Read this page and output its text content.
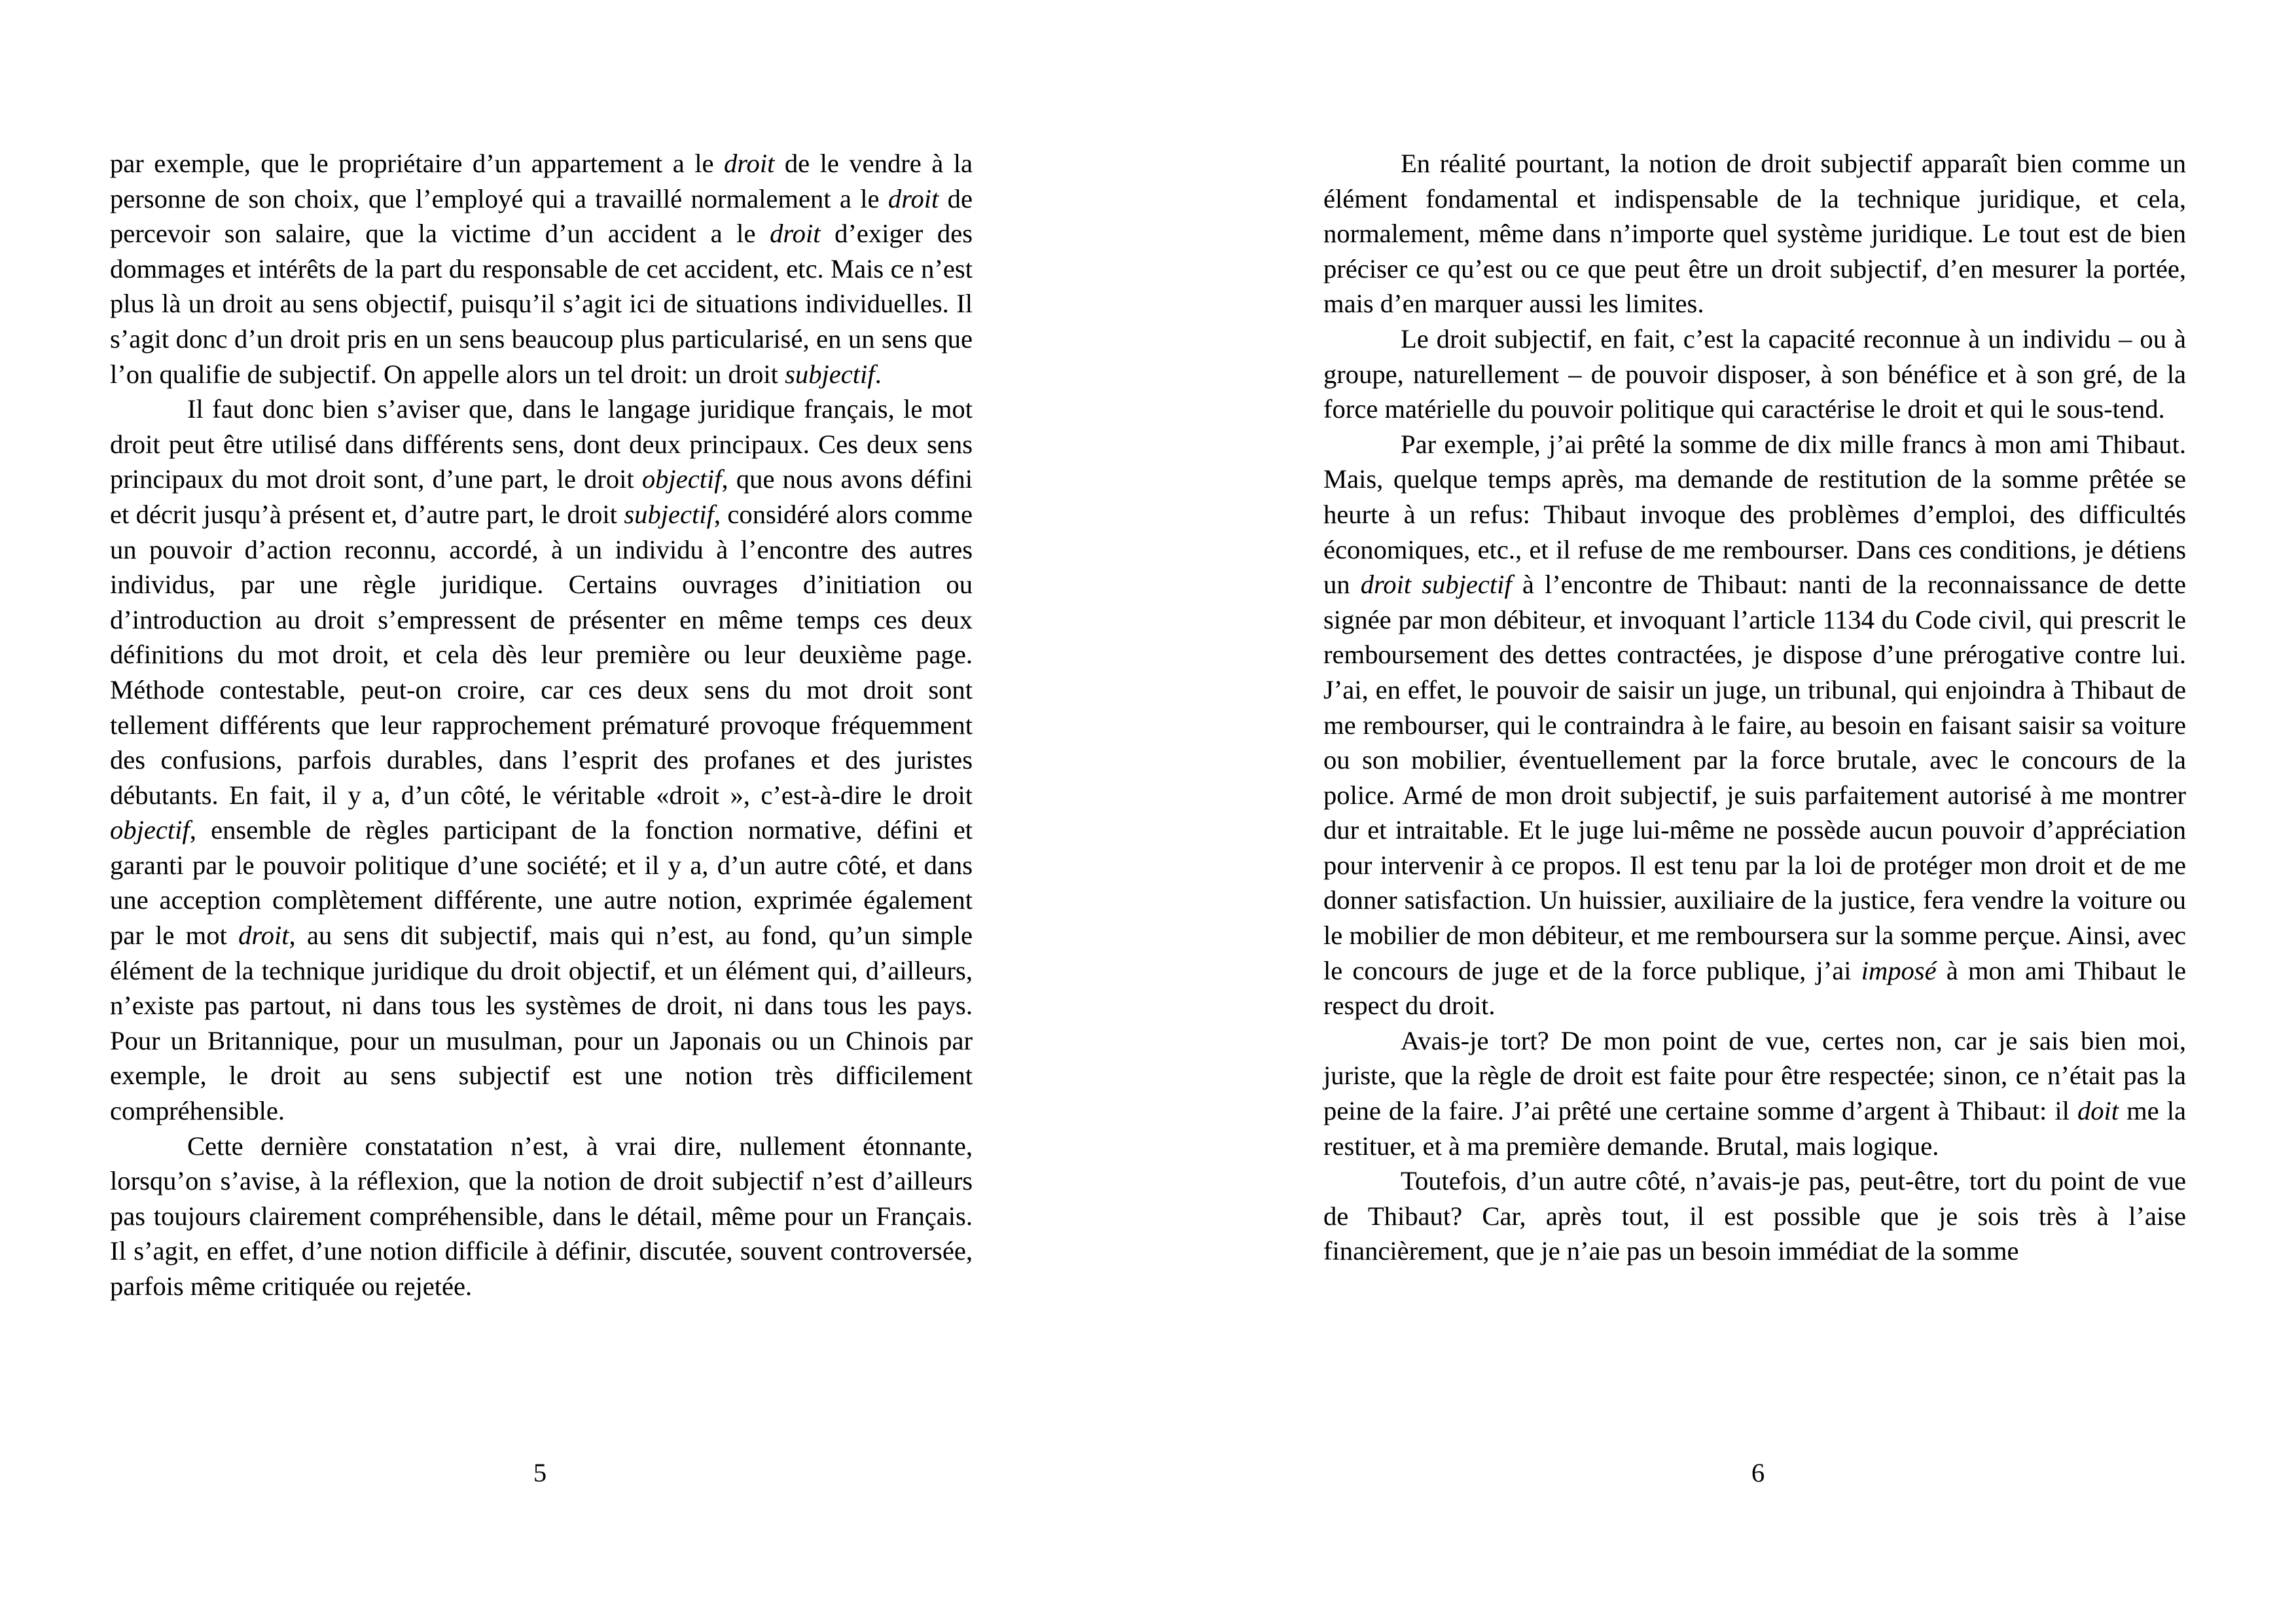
par exemple, que le propriétaire d’un appartement a le droit de le vendre à la personne de son choix, que l’employé qui a travaillé normalement a le droit de percevoir son salaire, que la victime d’un accident a le droit d’exiger des dommages et intérêts de la part du responsable de cet accident, etc. Mais ce n’est plus là un droit au sens objectif, puisqu’il s’agit ici de situations individuelles. Il s’agit donc d’un droit pris en un sens beaucoup plus particularisé, en un sens que l’on qualifie de subjectif. On appelle alors un tel droit: un droit subjectif.

Il faut donc bien s’aviser que, dans le langage juridique français, le mot droit peut être utilisé dans différents sens, dont deux principaux. Ces deux sens principaux du mot droit sont, d’une part, le droit objectif, que nous avons défini et décrit jusqu’à présent et, d’autre part, le droit subjectif, considéré alors comme un pouvoir d’action reconnu, accordé, à un individu à l’encontre des autres individus, par une règle juridique. Certains ouvrages d’initiation ou d’introduction au droit s’empressent de présenter en même temps ces deux définitions du mot droit, et cela dès leur première ou leur deuxième page. Méthode contestable, peut-on croire, car ces deux sens du mot droit sont tellement différents que leur rapprochement prématuré provoque fréquemment des confusions, parfois durables, dans l’esprit des profanes et des juristes débutants. En fait, il y a, d’un côté, le véritable «droit », c’est-à-dire le droit objectif, ensemble de règles participant de la fonction normative, défini et garanti par le pouvoir politique d’une société; et il y a, d’un autre côté, et dans une acception complètement différente, une autre notion, exprimée également par le mot droit, au sens dit subjectif, mais qui n’est, au fond, qu’un simple élément de la technique juridique du droit objectif, et un élément qui, d’ailleurs, n’existe pas partout, ni dans tous les systèmes de droit, ni dans tous les pays. Pour un Britannique, pour un musulman, pour un Japonais ou un Chinois par exemple, le droit au sens subjectif est une notion très difficilement compréhensible.

Cette dernière constatation n’est, à vrai dire, nullement étonnante, lorsqu’on s’avise, à la réflexion, que la notion de droit subjectif n’est d’ailleurs pas toujours clairement compréhensible, dans le détail, même pour un Français. Il s’agit, en effet, d’une notion difficile à définir, discutée, souvent controversée, parfois même critiquée ou rejetée.

En réalité pourtant, la notion de droit subjectif apparaît bien comme un élément fondamental et indispensable de la technique juridique, et cela, normalement, même dans n’importe quel système juridique. Le tout est de bien préciser ce qu’est ou ce que peut être un droit subjectif, d’en mesurer la portée, mais d’en marquer aussi les limites.

Le droit subjectif, en fait, c’est la capacité reconnue à un individu – ou à groupe, naturellement – de pouvoir disposer, à son bénéfice et à son gré, de la force matérielle du pouvoir politique qui caractérise le droit et qui le sous-tend.

Par exemple, j’ai prêté la somme de dix mille francs à mon ami Thibaut. Mais, quelque temps après, ma demande de restitution de la somme prêtée se heurte à un refus: Thibaut invoque des problèmes d’emploi, des difficultés économiques, etc., et il refuse de me rembourser. Dans ces conditions, je détiens un droit subjectif à l’encontre de Thibaut: nanti de la reconnaissance de dette signée par mon débiteur, et invoquant l’article 1134 du Code civil, qui prescrit le remboursement des dettes contractées, je dispose d’une prérogative contre lui. J’ai, en effet, le pouvoir de saisir un juge, un tribunal, qui enjoindra à Thibaut de me rembourser, qui le contraindra à le faire, au besoin en faisant saisir sa voiture ou son mobilier, éventuellement par la force brutale, avec le concours de la police. Armé de mon droit subjectif, je suis parfaitement autorisé à me montrer dur et intraitable. Et le juge lui-même ne possède aucun pouvoir d’appréciation pour intervenir à ce propos. Il est tenu par la loi de protéger mon droit et de me donner satisfaction. Un huissier, auxiliaire de la justice, fera vendre la voiture ou le mobilier de mon débiteur, et me remboursera sur la somme perçue. Ainsi, avec le concours de juge et de la force publique, j’ai imposé à mon ami Thibaut le respect du droit.

Avais-je tort? De mon point de vue, certes non, car je sais bien moi, juriste, que la règle de droit est faite pour être respectée; sinon, ce n’était pas la peine de la faire. J’ai prêté une certaine somme d’argent à Thibaut: il doit me la restituer, et à ma première demande. Brutal, mais logique.

Toutefois, d’un autre côté, n’avais-je pas, peut-être, tort du point de vue de Thibaut? Car, après tout, il est possible que je sois très à l’aise financièrement, que je n’aie pas un besoin immédiat de la somme

5	6
